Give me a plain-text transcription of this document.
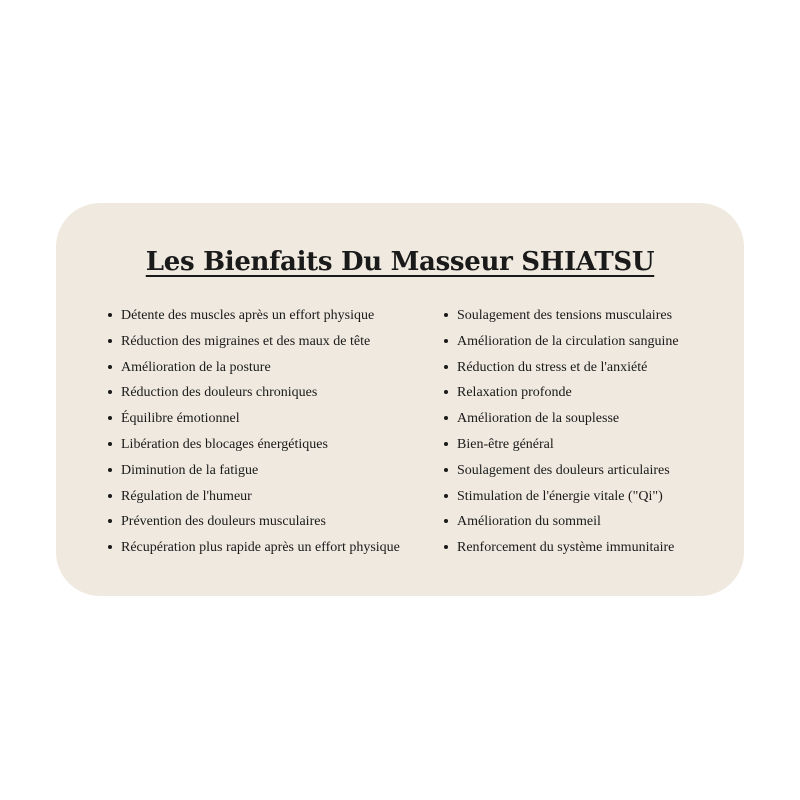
Les Bienfaits Du Masseur SHIATSU
Détente des muscles après un effort physique
Réduction des migraines et des maux de tête
Amélioration de la posture
Réduction des douleurs chroniques
Équilibre émotionnel
Libération des blocages énergétiques
Diminution de la fatigue
Régulation de l'humeur
Prévention des douleurs musculaires
Récupération plus rapide après un effort physique
Soulagement des tensions musculaires
Amélioration de la circulation sanguine
Réduction du stress et de l'anxiété
Relaxation profonde
Amélioration de la souplesse
Bien-être général
Soulagement des douleurs articulaires
Stimulation de l'énergie vitale ("Qi")
Amélioration du sommeil
Renforcement du système immunitaire
